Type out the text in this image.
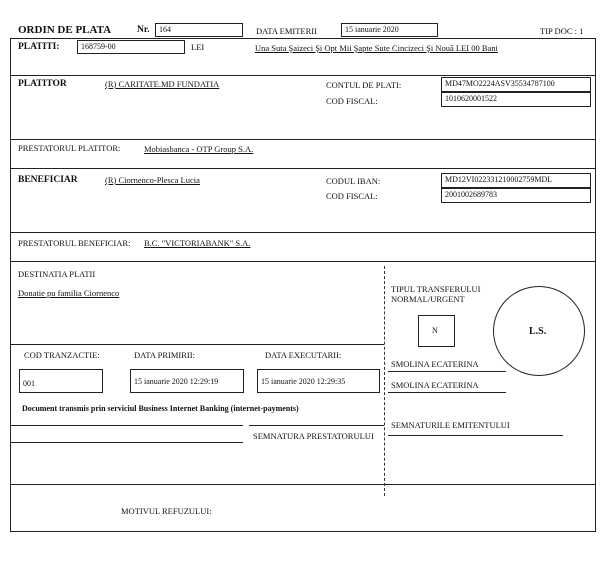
ORDIN DE PLATA	Nr.	164	DATA EMITERII	15 ianuarie 2020	TIP DOC : 1
PLATITI:	168759-00	LEI	Una Suta Şaizeci Şi Opt Mii Şapte Sute Cincizeci Şi Nouă LEI 00 Bani
PLATITOR	(R) CARITATE.MD FUNDATIA	CONTUL DE PLATI:	MD47MO2224ASV35534787100
COD FISCAL:	1010620001522
PRESTATORUL PLATITOR:	Mobiasbanca - OTP Group S.A.
BENEFICIAR	(R) Ciornenco-Plesca Lucia	CODUL IBAN:	MD12VI022331210002759MDL
COD FISCAL:	2001002689783
PRESTATORUL BENEFICIAR: B.C. "VICTORIABANK" S.A.
DESTINATIA PLATII
Donatie pu familia Ciornenco	TIPUL TRANSFERULUI
NORMAL/URGENT
N	L.S.
SMOLINA ECATERINA
SMOLINA ECATERINA
COD TRANZACTIE:	DATA PRIMIRII:	DATA EXECUTARII:
001	15 ianuarie 2020 12:29:19	15 ianuarie 2020 12:29:35
Document transmis prin serviciul Business Internet Banking (internet-payments)
SEMNATURA PRESTATORULUI
SEMNATURILE EMITENTULUI
MOTIVUL REFUZULUI:
